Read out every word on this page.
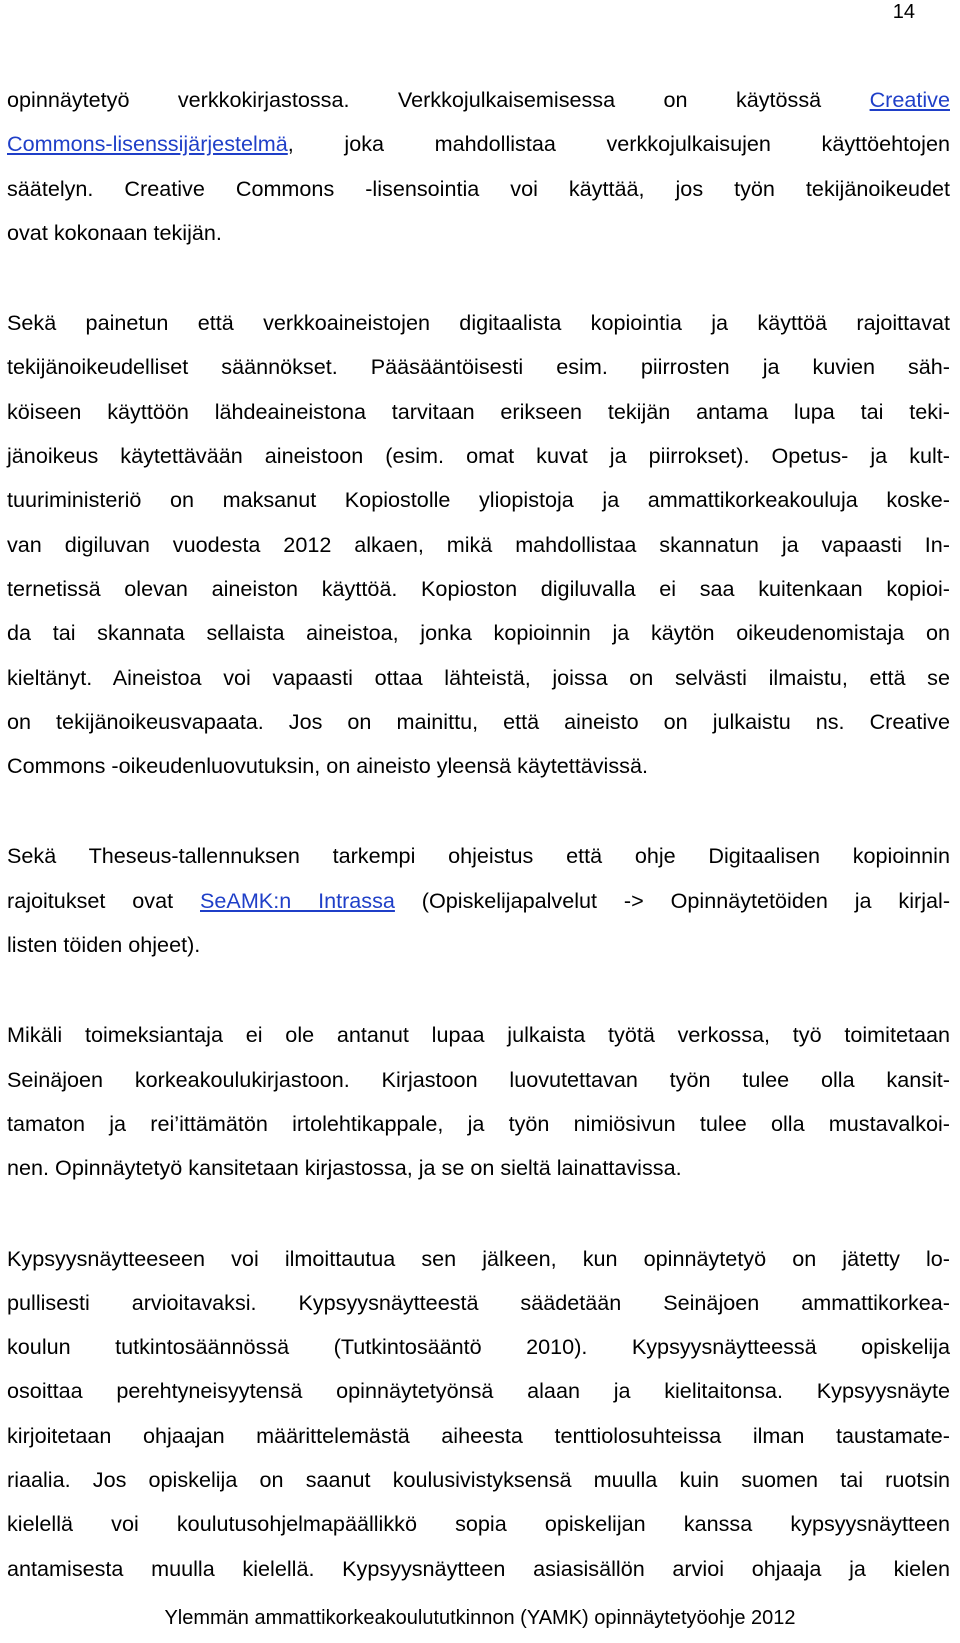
14
opinnäytetyö verkkokirjastossa. Verkkojulkaisemisessa on käytössä Creative
Commons-lisenssijärjestelmä, joka mahdollistaa verkkojulkaisujen käyttöehtojen
säätelyn. Creative Commons -lisensointia voi käyttää, jos työn tekijänoikeudet
ovat kokonaan tekijän.
Sekä painetun että verkkoaineistojen digitaalista kopiointia ja käyttöä rajoittavat
tekijänoikeudelliset säännökset. Pääsääntöisesti esim. piirrosten ja kuvien säh-
köiseen käyttöön lähdeaineistona tarvitaan erikseen tekijän antama lupa tai teki-
jänoikeus käytettävään aineistoon (esim. omat kuvat ja piirrokset). Opetus- ja kult-
tuuriministeriö on maksanut Kopiostolle yliopistoja ja ammattikorkeakouluja koske-
van digiluvan vuodesta 2012 alkaen, mikä mahdollistaa skannatun ja vapaasti In-
ternetissä olevan aineiston käyttöä. Kopioston digiluvalla ei saa kuitenkaan kopioi-
da tai skannata sellaista aineistoa, jonka kopioinnin ja käytön oikeudenomistaja on
kieltänyt. Aineistoa voi vapaasti ottaa lähteistä, joissa on selvästi ilmaistu, että se
on tekijänoikeusvapaata. Jos on mainittu, että aineisto on julkaistu ns. Creative
Commons -oikeudenluovutuksin, on aineisto yleensä käytettävissä.
Sekä Theseus-tallennuksen tarkempi ohjeistus että ohje Digitaalisen kopioinnin
rajoitukset ovat SeAMK:n Intrassa (Opiskelijapalvelut -> Opinnäytetöiden ja kirjal-
listen töiden ohjeet).
Mikäli toimeksiantaja ei ole antanut lupaa julkaista työtä verkossa, työ toimitetaan
Seinäjoen korkeakoulukirjastoon. Kirjastoon luovutettavan työn tulee olla kansit-
tamaton ja rei’ittämätön irtolehtikappale, ja työn nimiösivun tulee olla mustavalkoi-
nen. Opinnäytetyö kansitetaan kirjastossa, ja se on sieltä lainattavissa.
Kypsyysnäytteeseen voi ilmoittautua sen jälkeen, kun opinnäytetyö on jätetty lo-
pullisesti arvioitavaksi. Kypsyysnäytteestä säädetään Seinäjoen ammattikorkea-
koulun tutkintosäännössä (Tutkintosääntö 2010). Kypsyysnäytteessä opiskelija
osoittaa perehtyneisyytensä opinnäytetyönsä alaan ja kielitaitonsa. Kypsyysnäyte
kirjoitetaan ohjaajan määrittelemästä aiheesta tenttiolosuhteissa ilman taustamate-
riaalia. Jos opiskelija on saanut koulusivistyksensä muulla kuin suomen tai ruotsin
kielellä voi koulutusohjelmapäällikkö sopia opiskelijan kanssa kypsyysnäytteen
antamisesta muulla kielellä. Kypsyysnäytteen asiasisällön arvioi ohjaaja ja kielen
Ylemmän ammattikorkeakoulututkinnon (YAMK) opinnäytetyöohje 2012
